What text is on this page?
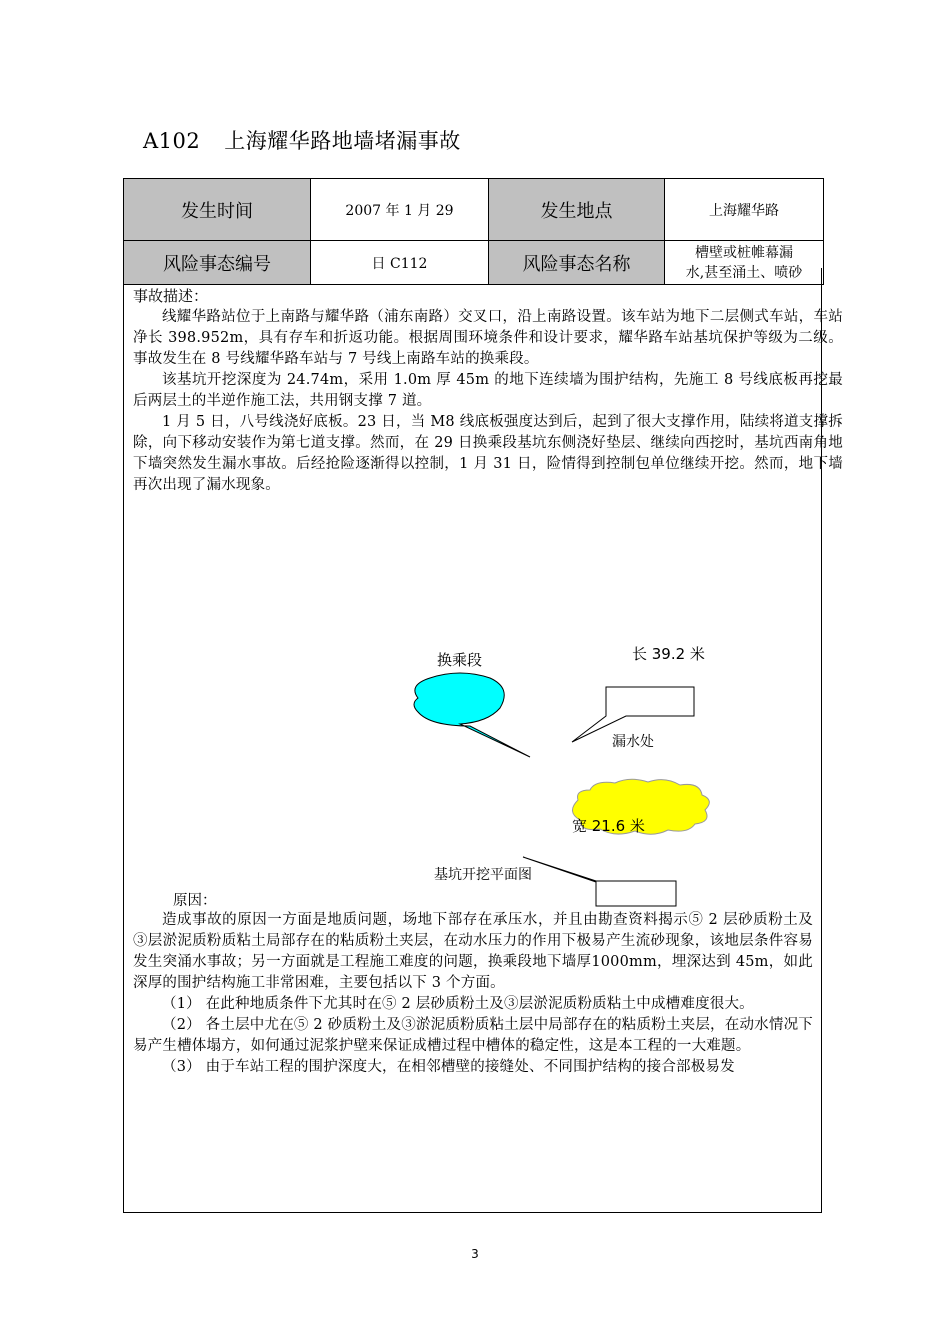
A102 上海耀华路地墙堵漏事故
发生时间	2007 年 1 月 29	发生地点	上海耀华路
风险事态编号	日 C112	风险事态名称	槽壁或桩帷幕漏
水,甚至涌土、喷砂
事故描述：

线耀华路站位于上南路与耀华路（浦东南路）交叉口，沿上南路设置。该车站为地下二层侧式车站，车站净长 398.952m，具有存车和折返功能。根据周围环境条件和设计要求，耀华路车站基坑保护等级为二级。事故发生在 8 号线耀华路车站与 7 号线上南路车站的换乘段。

该基坑开挖深度为 24.74m，采用 1.0m 厚 45m 的地下连续墙为围护结构，先施工 8 号线底板再挖最后两层土的半逆作施工法，共用钢支撑 7 道。

1 月 5 日，八号线浇好底板。23 日，当 M8 线底板强度达到后，起到了很大支撑作用，陆续将道支撑拆除，向下移动安装作为第七道支撑。然而，在 29 日换乘段基坑东侧浇好垫层、继续向西挖时，基坑西南角地下墙突然发生漏水事故。后经抢险逐渐得以控制，1 月 31 日，险情得到控制包单位继续开挖。然而，地下墙再次出现了漏水现象。

换乘段	长 39.2 米
漏水处
宽 21.6 米
基坑开挖平面图
原因：

造成事故的原因一方面是地质问题，场地下部存在承压水，并且由勘查资料揭示⑤ 2 层砂质粉土及③层淤泥质粉质粘土局部存在的粘质粉土夹层，在动水压力的作用下极易产生流砂现象，该地层条件容易发生突涌水事故；另一方面就是工程施工难度的问题，换乘段地下墙厚1000mm，埋深达到 45m，如此深厚的围护结构施工非常困难，主要包括以下 3 个方面。

（1） 在此种地质条件下尤其时在⑤ 2 层砂质粉土及③层淤泥质粉质粘土中成槽难度很大。

（2） 各土层中尤在⑤ 2 砂质粉土及③淤泥质粉质粘土层中局部存在的粘质粉土夹层，在动水情况下易产生槽体塌方，如何通过泥浆护壁来保证成槽过程中槽体的稳定性，这是本工程的一大难题。

（3） 由于车站工程的围护深度大，在相邻槽壁的接缝处、不同围护结构的接合部极易发

3
